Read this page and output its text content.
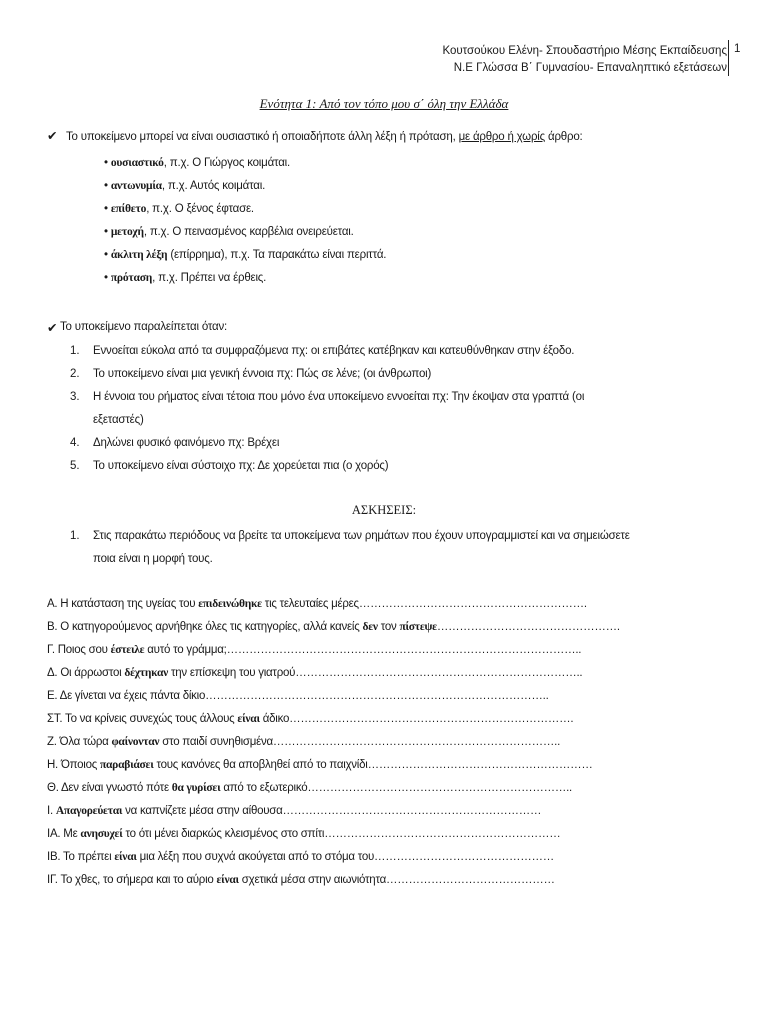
Κουτσούκου Ελένη- Σπουδαστήριο Μέσης Εκπαίδευσης
Ν.Ε Γλώσσα Β΄ Γυμνασίου- Επαναληπτικό εξετάσεων
1
Ενότητα 1: Από τον τόπο μου σ΄ όλη την Ελλάδα
✔ Το υποκείμενο μπορεί να είναι ουσιαστικό ή οποιαδήποτε άλλη λέξη ή πρόταση, με άρθρο ή χωρίς άρθρο:
• ουσιαστικό, π.χ. Ο Γιώργος κοιμάται.
• αντωνυμία, π.χ. Αυτός κοιμάται.
• επίθετο, π.χ. Ο ξένος έφτασε.
• μετοχή, π.χ. Ο πεινασμένος καρβέλια ονειρεύεται.
• άκλιτη λέξη (επίρρημα), π.χ. Τα παρακάτω είναι περιττά.
• πρόταση, π.χ. Πρέπει να έρθεις.
✔ Το υποκείμενο παραλείπεται όταν:
1. Εννοείται εύκολα από τα συμφραζόμενα πχ: οι επιβάτες κατέβηκαν και κατευθύνθηκαν στην έξοδο.
2. Το υποκείμενο είναι μια γενική έννοια πχ: Πώς σε λένε; (οι άνθρωποι)
3. Η έννοια του ρήματος είναι τέτοια που μόνο ένα υποκείμενο εννοείται πχ: Την έκοψαν στα γραπτά (οι
εξεταστές)
4. Δηλώνει φυσικό φαινόμενο πχ: Βρέχει
5. Το υποκείμενο είναι σύστοιχο πχ: Δε χορεύεται πια (ο χορός)
ΑΣΚΗΣΕΙΣ:
1. Στις παρακάτω περιόδους να βρείτε τα υποκείμενα των ρημάτων που έχουν υπογραμμιστεί και να σημειώσετε
ποια είναι η μορφή τους.
Α. Η κατάσταση της υγείας του επιδεινώθηκε τις τελευταίες μέρες…………………………………………………….
Β. Ο κατηγορούμενος αρνήθηκε όλες τις κατηγορίες, αλλά κανείς δεν τον πίστεψε………………………………………….
Γ. Ποιος σου έστειλε αυτό το γράμμα;…………………………………………………………………………………..
Δ. Οι άρρωστοι δέχτηκαν την επίσκεψη του γιατρού…………………………………………………………………..
Ε. Δε γίνεται να έχεις πάντα δίκιο………………………………………………………………………………..
ΣΤ. Το να κρίνεις συνεχώς τους άλλους είναι άδικο………………………………………………………………….
Ζ. Όλα τώρα φαίνονταν στο παιδί συνηθισμένα…………………………………………………………………..
Η. Όποιος παραβιάσει τους κανόνες θα αποβληθεί από το παιχνίδι……………………………………………………
Θ. Δεν είναι γνωστό πότε θα γυρίσει από το εξωτερικό……………………………………………………………..
Ι. Απαγορεύεται να καπνίζετε μέσα στην αίθουσα……………………………………………………………
ΙΑ. Με ανησυχεί το ότι μένει διαρκώς κλεισμένος στο σπίτι………………………………………………………
ΙΒ. Το πρέπει είναι μια λέξη που συχνά ακούγεται από το στόμα του…………………………………………
ΙΓ. Το χθες, το σήμερα και το αύριο είναι σχετικά μέσα στην αιωνιότητα………………………………………
